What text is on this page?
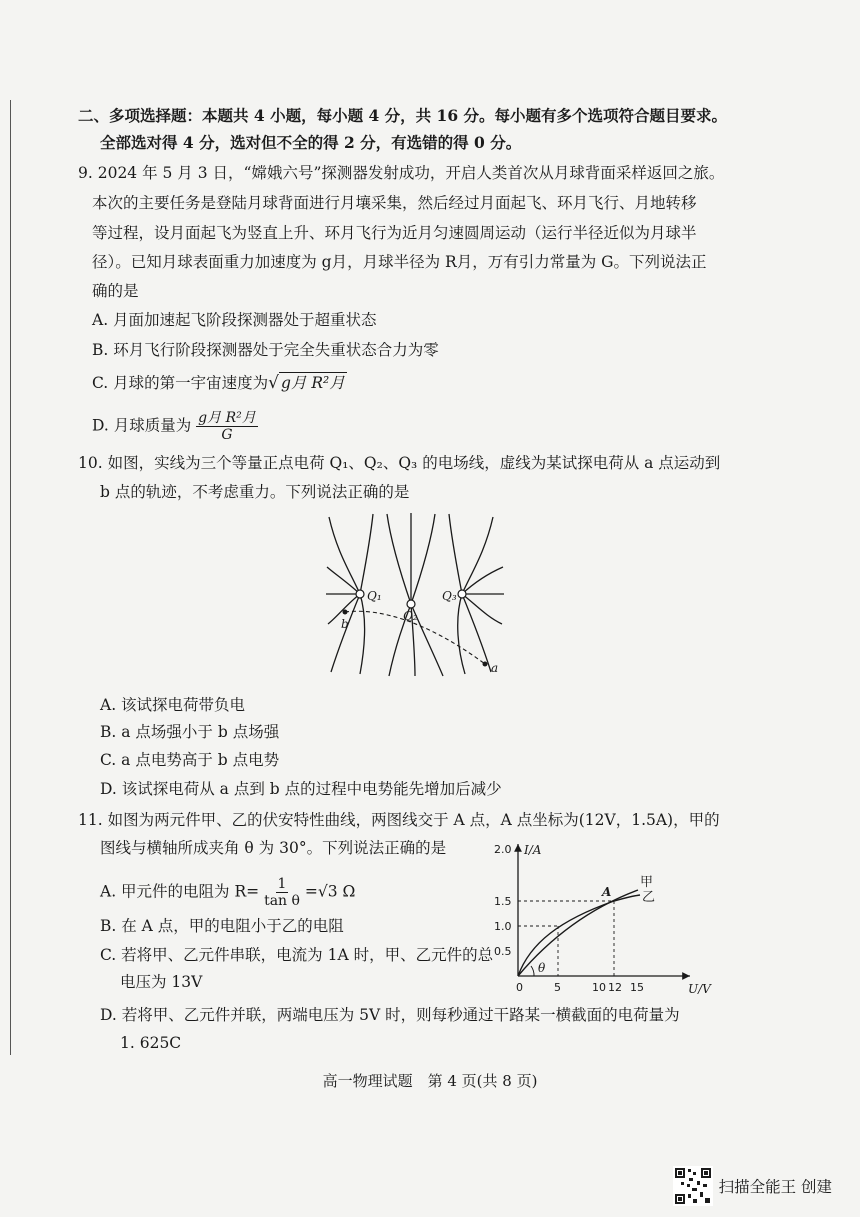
二、多项选择题：本题共 4 小题，每小题 4 分，共 16 分。每小题有多个选项符合题目要求。
全部选对得 4 分，选对但不全的得 2 分，有选错的得 0 分。
9. 2024 年 5 月 3 日，“嫦娥六号”探测器发射成功，开启人类首次从月球背面采样返回之旅。
本次的主要任务是登陆月球背面进行月壤采集，然后经过月面起飞、环月飞行、月地转移
等过程，设月面起飞为竖直上升、环月飞行为近月匀速圆周运动（运行半径近似为月球半
径）。已知月球表面重力加速度为 g月，月球半径为 R月，万有引力常量为 G。下列说法正
确的是
A. 月面加速起飞阶段探测器处于超重状态
B. 环月飞行阶段探测器处于完全失重状态合力为零
C. 月球的第一宇宙速度为√ g月 R²月
D. 月球质量为 $\frac{\text{g月 R²月}}{G}$
10. 如图，实线为三个等量正点电荷 Q₁、Q₂、Q₃ 的电场线，虚线为某试探电荷从 a 点运动到
b 点的轨迹，不考虑重力。下列说法正确的是
Q₁
Q₂
Q₃
a
b
A. 该试探电荷带负电
B. a 点场强小于 b 点场强
C. a 点电势高于 b 点电势
D. 该试探电荷从 a 点到 b 点的过程中电势能先增加后减少
11. 如图为两元件甲、乙的伏安特性曲线，两图线交于 A 点，A 点坐标为(12V，1.5A)，甲的
图线与横轴所成夹角 θ 为 30°。下列说法正确的是
A. 甲元件的电阻为 $R= \frac{1}{\text{tan θ}} =√3$ Ω
B. 在 A 点，甲的电阻小于乙的电阻
C. 若将甲、乙元件串联，电流为 1A 时，甲、乙元件的总
电压为 13V
D. 若将甲、乙元件并联，两端电压为 5V 时，则每秒通过干路某一横截面的电荷量为
1. 625C
2.0
1.5
1.0
0.5
0	5	10 12 15
I/A
U/V
A
θ
甲
乙
高一物理试题　第 4 页(共 8 页)
扫描全能王 创建
